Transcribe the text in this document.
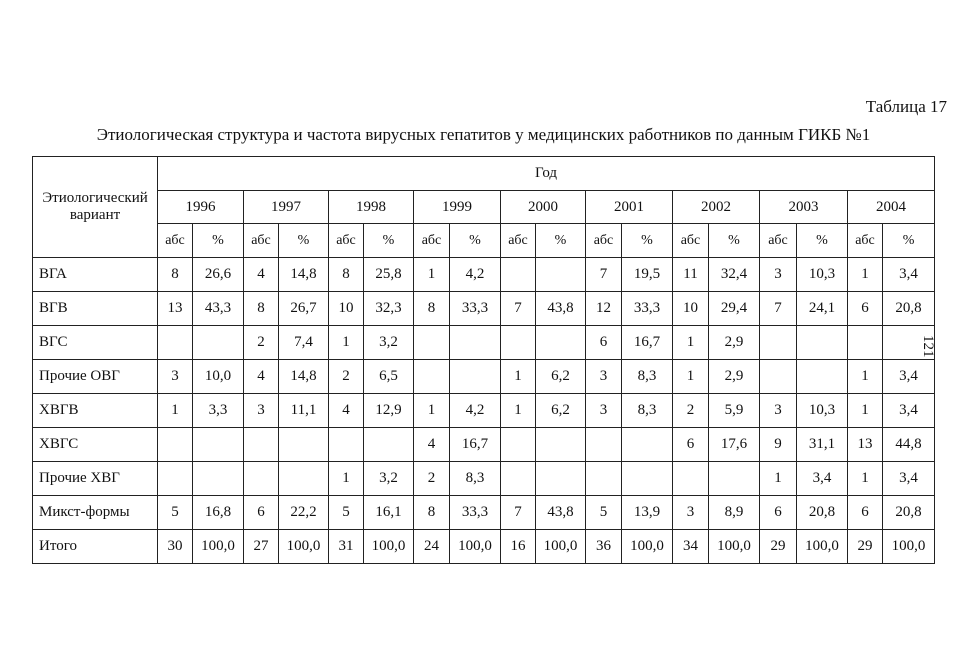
Таблица 17
Этиологическая структура и частота вирусных гепатитов у медицинских работников по данным ГИКБ №1
121
Этиологический вариант	Год																	
	1996		1997		1998		1999		2000		2001		2002		2003		2004	
	абс	%	абс	%	абс	%	абс	%	абс	%	абс	%	абс	%	абс	%	абс	%
ВГА	8	26,6	4	14,8	8	25,8	1	4,2			7	19,5	11	32,4	3	10,3	1	3,4
ВГВ	13	43,3	8	26,7	10	32,3	8	33,3	7	43,8	12	33,3	10	29,4	7	24,1	6	20,8
ВГС			2	7,4	1	3,2					6	16,7	1	2,9				
Прочие ОВГ	3	10,0	4	14,8	2	6,5			1	6,2	3	8,3	1	2,9			1	3,4
ХВГВ	1	3,3	3	11,1	4	12,9	1	4,2	1	6,2	3	8,3	2	5,9	3	10,3	1	3,4
ХВГС							4	16,7					6	17,6	9	31,1	13	44,8
Прочие ХВГ					1	3,2	2	8,3							1	3,4	1	3,4
Микст-формы	5	16,8	6	22,2	5	16,1	8	33,3	7	43,8	5	13,9	3	8,9	6	20,8	6	20,8
Итого	30	100,0	27	100,0	31	100,0	24	100,0	16	100,0	36	100,0	34	100,0	29	100,0	29	100,0
